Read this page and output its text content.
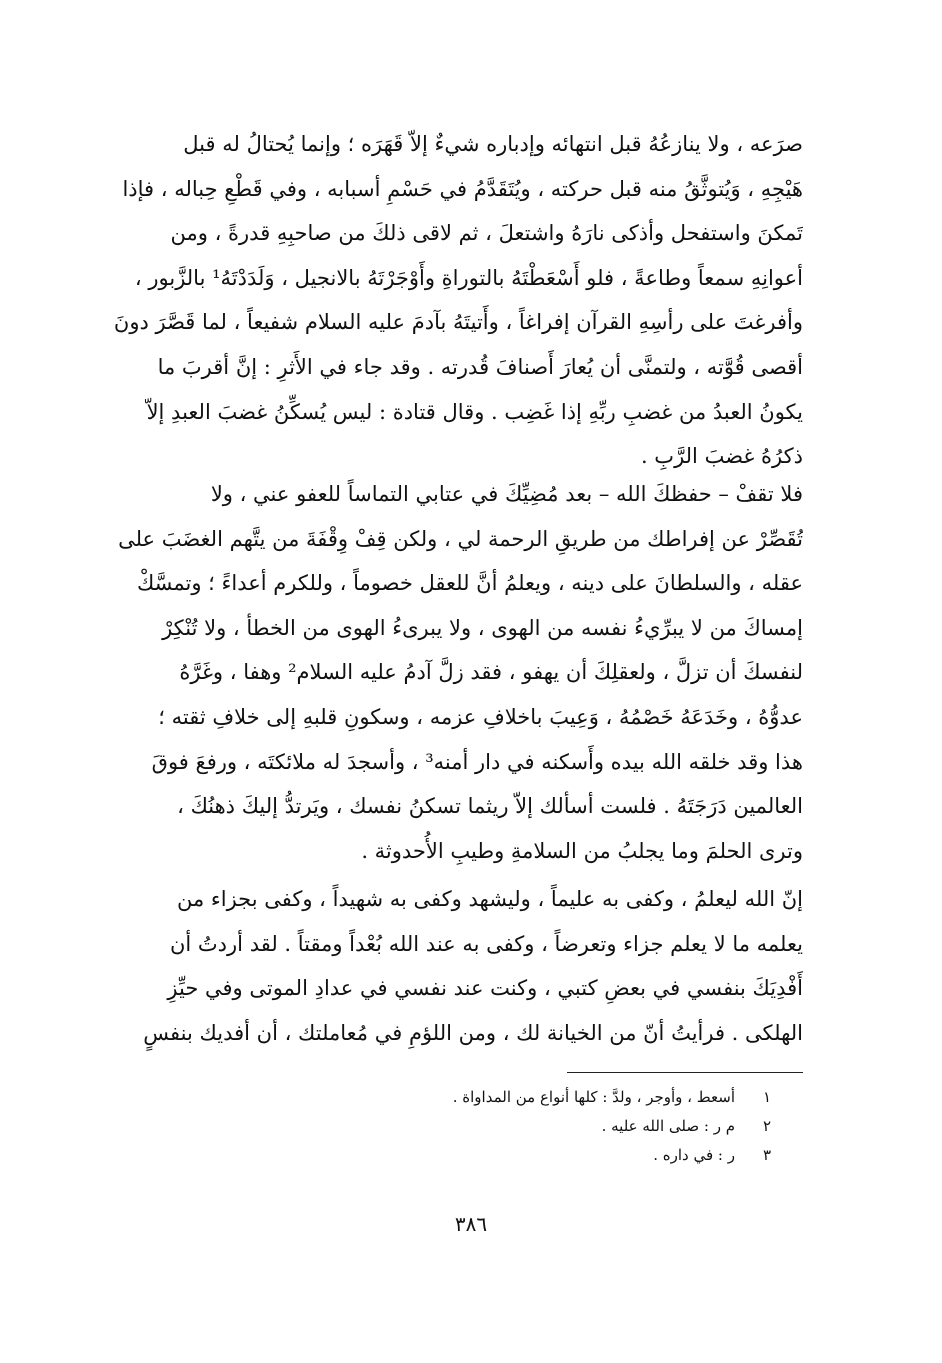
صرَعه ، ولا ينازعُهُ قبل انتهائه وإدباره شيءٌ إلاّ قَهَرَه ؛ وإنما يُحتالُ له قبل
هَيْجِهِ ، وَيُتوثَّقُ منه قبل حركته ، ويُتَقَدَّمُ في حَسْمِ أسبابه ، وفي قَطْعِ حِباله ، فإذا
تَمكنَ واستفحل وأذكى نارَهُ واشتعلَ ، ثم لاقى ذلكَ من صاحبِهِ قدرةً ، ومن
أعوانِهِ سمعاً وطاعةً ، فلو أَسْعَطْتَهُ بالتوراةِ وأَوْجَرْتَهُ بالانجيل ، وَلَدَدْتَهُ¹ بالزَّبور ،
وأفرغتَ على رأسِهِ القرآن إفراغاً ، وأَتيتَهُ بآدمَ عليه السلام شفيعاً ، لما قَصَّرَ دونَ
أقصى قُوَّته ، ولتمنَّى أن يُعارَ أَصنافَ قُدرته . وقد جاء في الأَثرِ : إنَّ أقربَ ما
يكونُ العبدُ من غضبِ ربِّهِ إذا غَضِب . وقال قتادة : ليس يُسكِّنُ غضبَ العبدِ إلاّ
ذكرُهُ غضبَ الرَّبِ .
فلا تقفْ – حفظكَ الله – بعد مُضِيِّكَ في عتابي التماساً للعفو عني ، ولا
تُقَصِّرْ عن إفراطك من طريقِ الرحمة لي ، ولكن قِفْ وِقْفَةَ من يتَّهم الغضَبَ على
عقله ، والسلطانَ على دينه ، ويعلمُ أنَّ للعقل خصوماً ، وللكرم أعداءً ؛ وتمسَّكْ
إمساكَ من لا يبرِّيءُ نفسه من الهوى ، ولا يبرىءُ الهوى من الخطأ ، ولا تُنْكِرْ
لنفسكَ أن تزلَّ ، ولعقلِكَ أن يهفو ، فقد زلَّ آدمُ عليه السلام² وهفا ، وغَرَّهُ
عدوُّهُ ، وخَدَعَهُ خَصْمُهُ ، وَعِيبَ باخلافِ عزمه ، وسكونِ قلبهِ إلى خلافِ ثقته ؛
هذا وقد خلقه الله بيده وأَسكنه في دار أمنه³ ، وأسجدَ له ملائكتَه ، ورفعَ فوقَ
العالمين دَرَجَتَهُ . فلست أسألك إلاّ ريثما تسكنُ نفسك ، ويَرتدُّ إليكَ ذهنُكَ ،
وترى الحلمَ وما يجلبُ من السلامةِ وطيبِ الأُحدوثة .
إنّ الله ليعلمُ ، وكفى به عليماً ، وليشهد وكفى به شهيداً ، وكفى بجزاء من
يعلمه ما لا يعلم جزاء وتعرضاً ، وكفى به عند الله بُعْداً ومقتاً . لقد أردتُ أن
أَفْدِيَكَ بنفسي في بعضِ كتبي ، وكنت عند نفسي في عدادِ الموتى وفي حيِّزِ
الهلكى . فرأيتُ أنّ من الخيانة لك ، ومن اللؤمِ في مُعاملتك ، أن أفديك بنفسٍ
١أسعط ، وأوجر ، ولدَّ : كلها أنواع من المداواة .
٢م ر : صلى الله عليه .
٣ر : في داره .
٣٨٦
